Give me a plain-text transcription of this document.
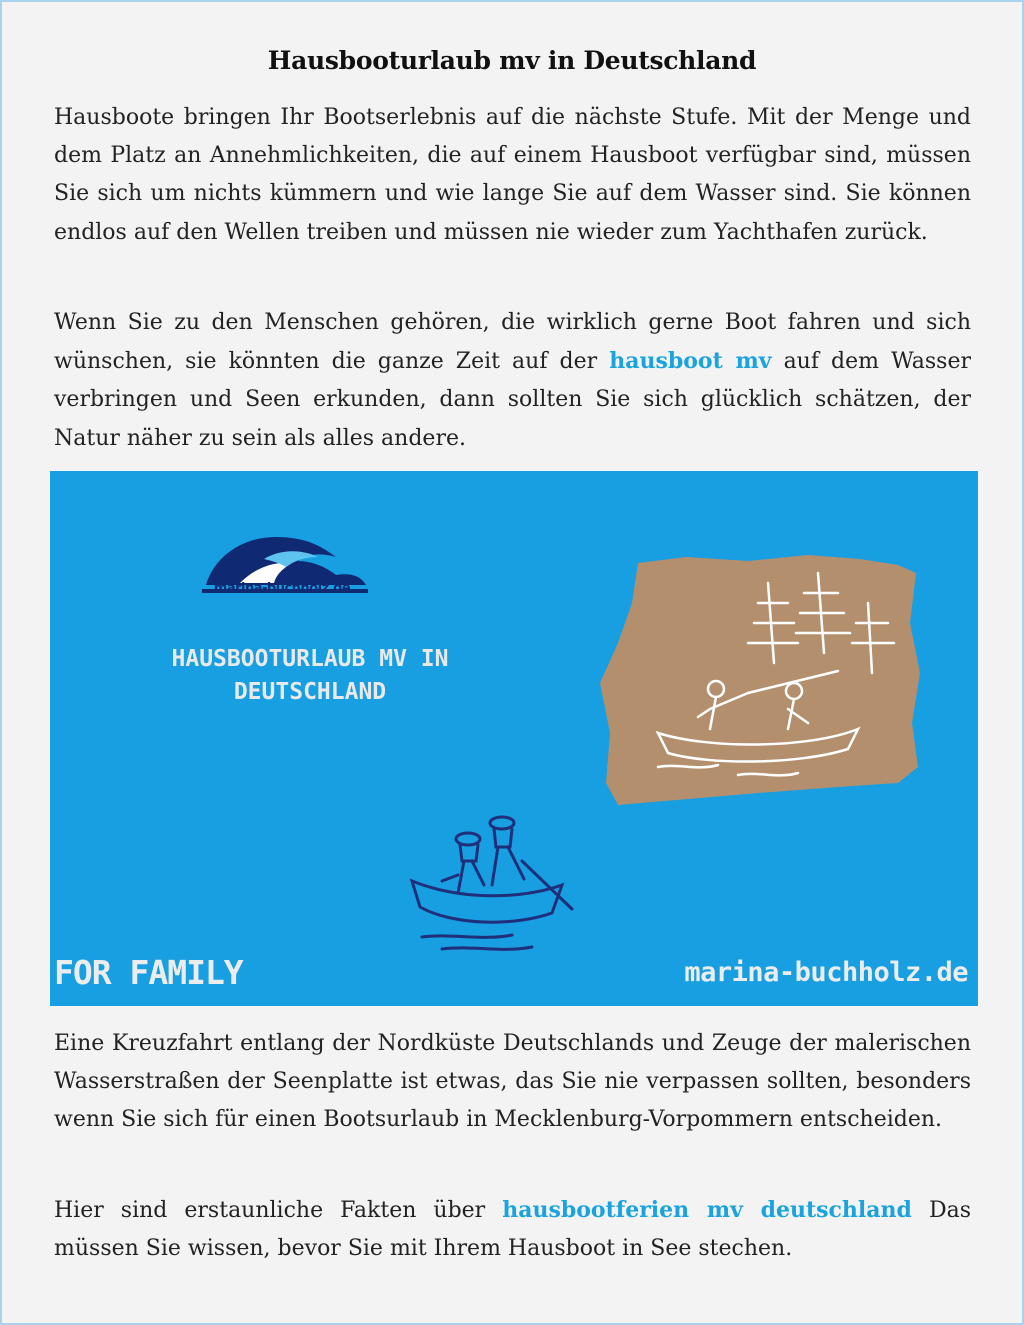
Hausbooturlaub mv in Deutschland

Hausboote bringen Ihr Bootserlebnis auf die nächste Stufe. Mit der Menge und dem Platz an Annehmlichkeiten, die auf einem Hausboot verfügbar sind, müssen Sie sich um nichts kümmern und wie lange Sie auf dem Wasser sind. Sie können endlos auf den Wellen treiben und müssen nie wieder zum Yachthafen zurück.

Wenn Sie zu den Menschen gehören, die wirklich gerne Boot fahren und sich wünschen, sie könnten die ganze Zeit auf der hausboot mv auf dem Wasser verbringen und Seen erkunden, dann sollten Sie sich glücklich schätzen, der Natur näher zu sein als alles andere.

marina-buchholz.de
HAUSBOOTURLAUB MV IN
DEUTSCHLAND
FOR FAMILY	marina-buchholz.de

Eine Kreuzfahrt entlang der Nordküste Deutschlands und Zeuge der malerischen Wasserstraßen der Seenplatte ist etwas, das Sie nie verpassen sollten, besonders wenn Sie sich für einen Bootsurlaub in Mecklenburg-Vorpommern entscheiden.

Hier sind erstaunliche Fakten über hausbootferien mv deutschland Das müssen Sie wissen, bevor Sie mit Ihrem Hausboot in See stechen.
